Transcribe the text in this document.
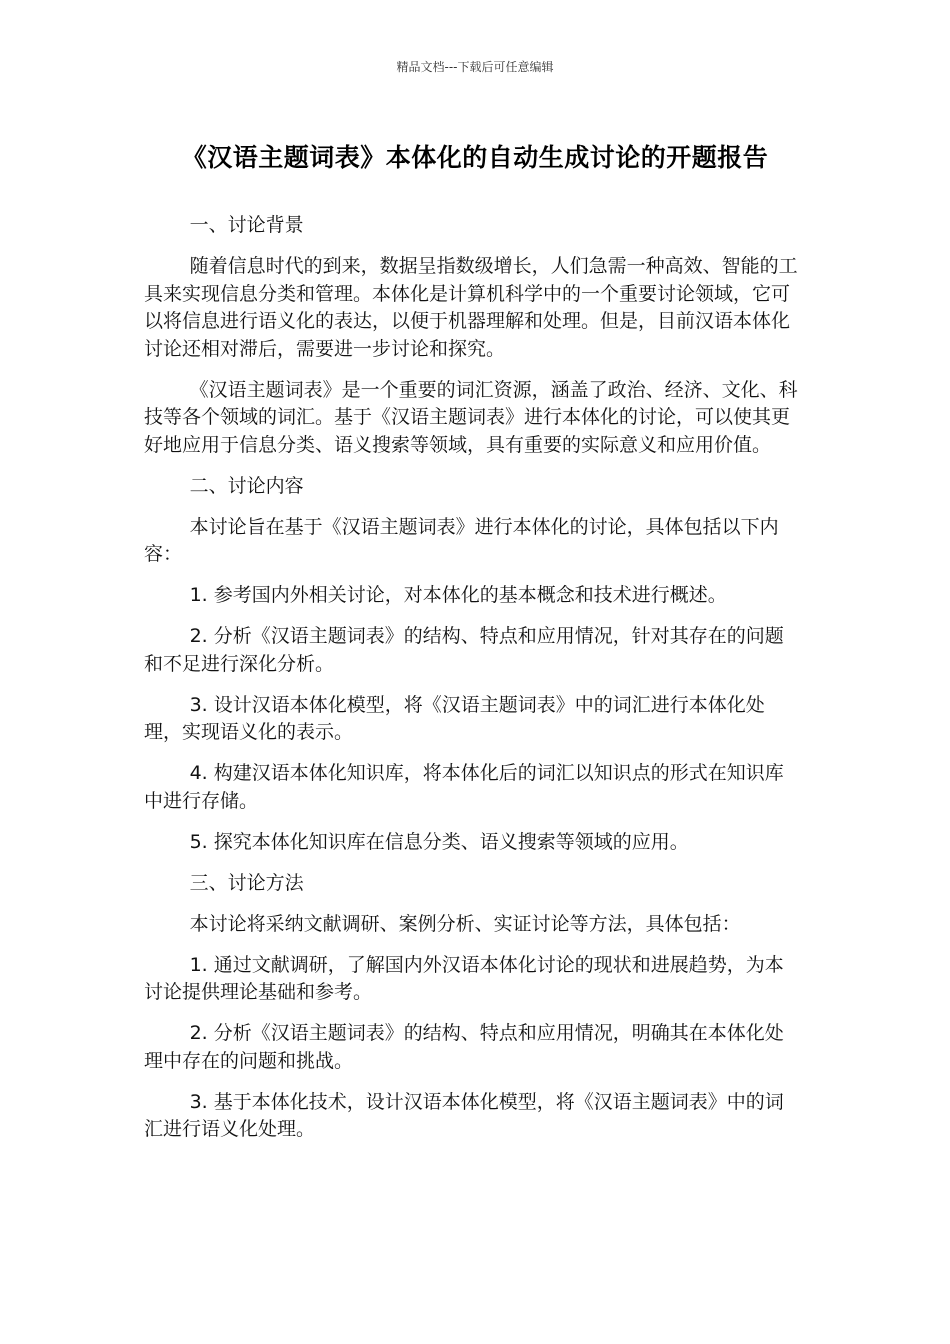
精品文档---下载后可任意编辑
《汉语主题词表》本体化的自动生成讨论的开题报告

一、讨论背景

随着信息时代的到来，数据呈指数级增长，人们急需一种高效、智能的工具来实现信息分类和管理。本体化是计算机科学中的一个重要讨论领域，它可以将信息进行语义化的表达，以便于机器理解和处理。但是，目前汉语本体化讨论还相对滞后，需要进一步讨论和探究。

《汉语主题词表》是一个重要的词汇资源，涵盖了政治、经济、文化、科技等各个领域的词汇。基于《汉语主题词表》进行本体化的讨论，可以使其更好地应用于信息分类、语义搜索等领域，具有重要的实际意义和应用价值。

二、讨论内容

本讨论旨在基于《汉语主题词表》进行本体化的讨论，具体包括以下内容：

1. 参考国内外相关讨论，对本体化的基本概念和技术进行概述。

2. 分析《汉语主题词表》的结构、特点和应用情况，针对其存在的问题和不足进行深化分析。

3. 设计汉语本体化模型，将《汉语主题词表》中的词汇进行本体化处理，实现语义化的表示。

4. 构建汉语本体化知识库，将本体化后的词汇以知识点的形式在知识库中进行存储。

5. 探究本体化知识库在信息分类、语义搜索等领域的应用。

三、讨论方法

本讨论将采纳文献调研、案例分析、实证讨论等方法，具体包括：

1. 通过文献调研，了解国内外汉语本体化讨论的现状和进展趋势，为本讨论提供理论基础和参考。

2. 分析《汉语主题词表》的结构、特点和应用情况，明确其在本体化处理中存在的问题和挑战。

3. 基于本体化技术，设计汉语本体化模型，将《汉语主题词表》中的词汇进行语义化处理。
